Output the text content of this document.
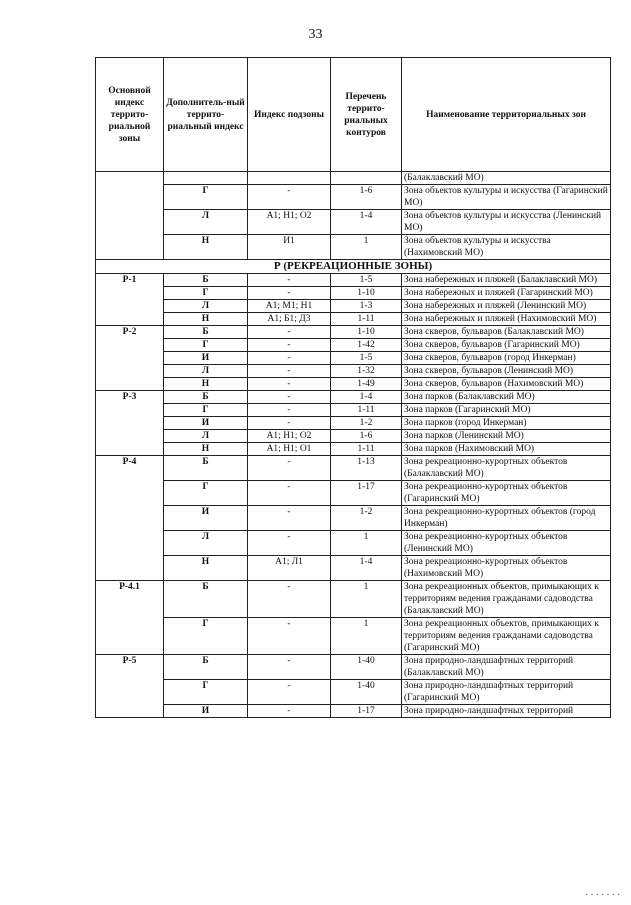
33
Основной индекс террито-риальной зоны	Дополнитель-ный террито-риальный индекс	Индекс подзоны	Перечень террито-риальных контуров	Наименование территориальных зон
				(Балаклавский МО)
	Г	-	1-6	Зона объектов культуры и искусства (Гагаринский МО)
	Л	А1; Н1; О2	1-4	Зона объектов культуры и искусства (Ленинский МО)
	Н	И1	1	Зона объектов культуры и искусства (Нахимовский МО)
Р (РЕКРЕАЦИОННЫЕ ЗОНЫ)				
Р-1	Б	-	1-5	Зона набережных и пляжей (Балаклавский МО)
	Г	-	1-10	Зона набережных и пляжей (Гагаринский МО)
	Л	А1; М1; Н1	1-3	Зона набережных и пляжей (Ленинский МО)
	Н	А1; Б1; Д3	1-11	Зона набережных и пляжей (Нахимовский МО)
Р-2	Б	-	1-10	Зона скверов, бульваров (Балаклавский МО)
	Г	-	1-42	Зона скверов, бульваров (Гагаринский МО)
	И	-	1-5	Зона скверов, бульваров (город Инкерман)
	Л	-	1-32	Зона скверов, бульваров (Ленинский МО)
	Н	-	1-49	Зона скверов, бульваров (Нахимовский МО)
Р-3	Б	-	1-4	Зона парков (Балаклавский МО)
	Г	-	1-11	Зона парков (Гагаринский МО)
	И	-	1-2	Зона парков (город Инкерман)
	Л	А1; Н1; О2	1-6	Зона парков (Ленинский МО)
	Н	А1; Н1; О1	1-11	Зона парков (Нахимовский МО)
Р-4	Б	-	1-13	Зона рекреационно-курортных объектов (Балаклавский МО)
	Г	-	1-17	Зона рекреационно-курортных объектов (Гагаринский МО)
	И	-	1-2	Зона рекреационно-курортных объектов (город Инкерман)
	Л	-	1	Зона рекреационно-курортных объектов (Ленинский МО)
	Н	А1; Л1	1-4	Зона рекреационно-курортных объектов (Нахимовский МО)
Р-4.1	Б	-	1	Зона рекреационных объектов, примыкающих к территориям ведения гражданами садоводства (Балаклавский МО)
	Г	-	1	Зона рекреационных объектов, примыкающих к территориям ведения гражданами садоводства (Гагаринский МО)
Р-5	Б	-	1-40	Зона природно-ландшафтных территорий (Балаклавский МО)
	Г	-	1-40	Зона природно-ландшафтных территорий (Гагаринский МО)
	И	-	1-17	Зона природно-ландшафтных территорий
·······
